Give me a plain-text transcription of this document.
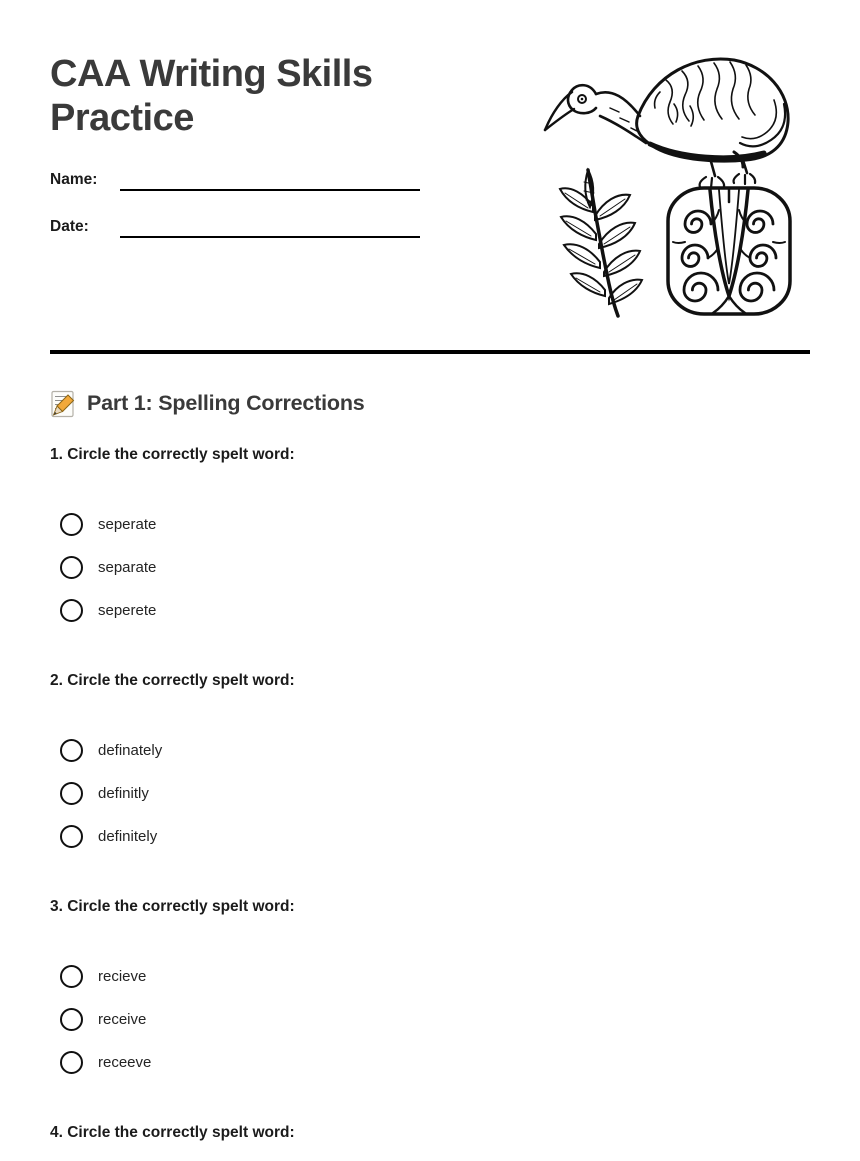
CAA Writing Skills Practice
Name:
Date:
Part 1: Spelling Corrections
1. Circle the correctly spelt word:
seperate
separate
seperete
2. Circle the correctly spelt word:
definately
definitly
definitely
3. Circle the correctly spelt word:
recieve
receive
receeve
4. Circle the correctly spelt word:
